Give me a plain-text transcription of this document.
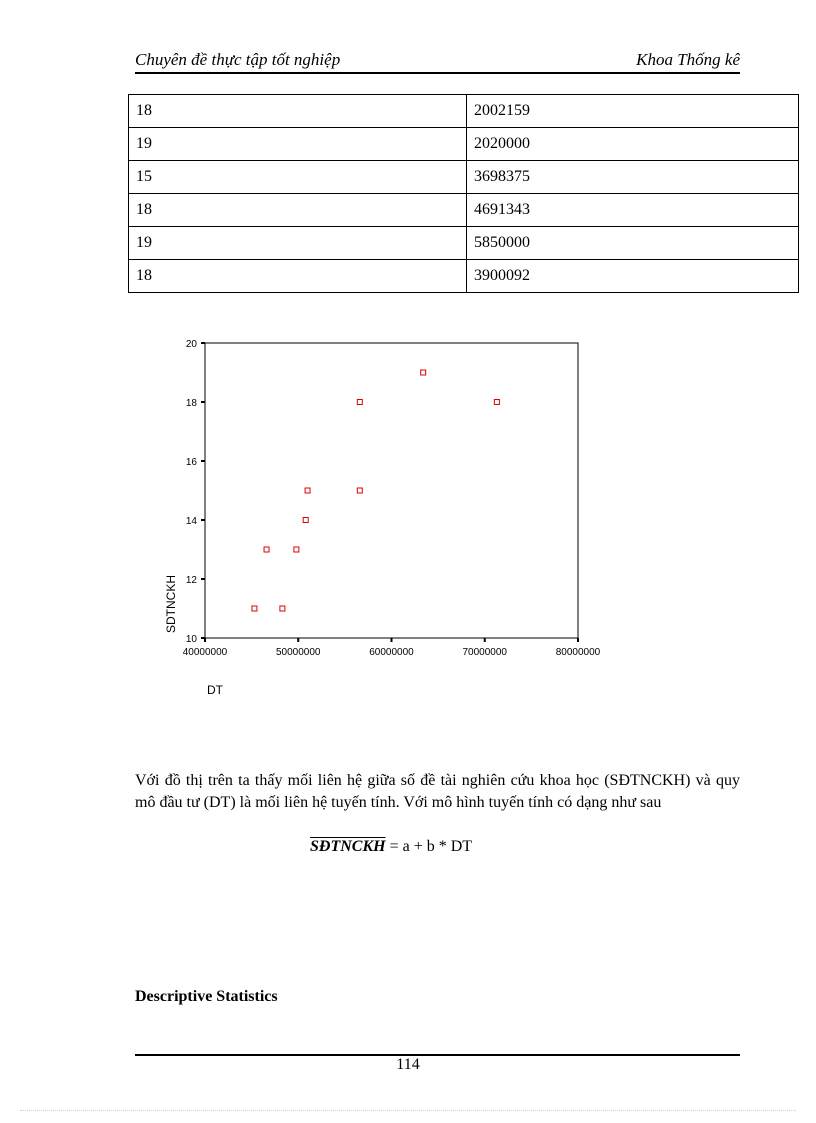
Chuyên đề thực tập tốt nghiệp	Khoa Thống kê
18	2002159
19	2020000
15	3698375
18	4691343
19	5850000
18	3900092
10
12
14
16
18
20
40000000	50000000	60000000	70000000	80000000
SDTNCKH
DT
Với đồ thị trên ta thấy mối liên hệ giữa số đề tài nghiên cứu khoa học (SĐTNCKH) và quy mô đầu tư (DT) là mối liên hệ tuyến tính. Với mô hình tuyến tính có dạng như sau
SĐTNCKH = a + b * DT
Descriptive Statistics
114
